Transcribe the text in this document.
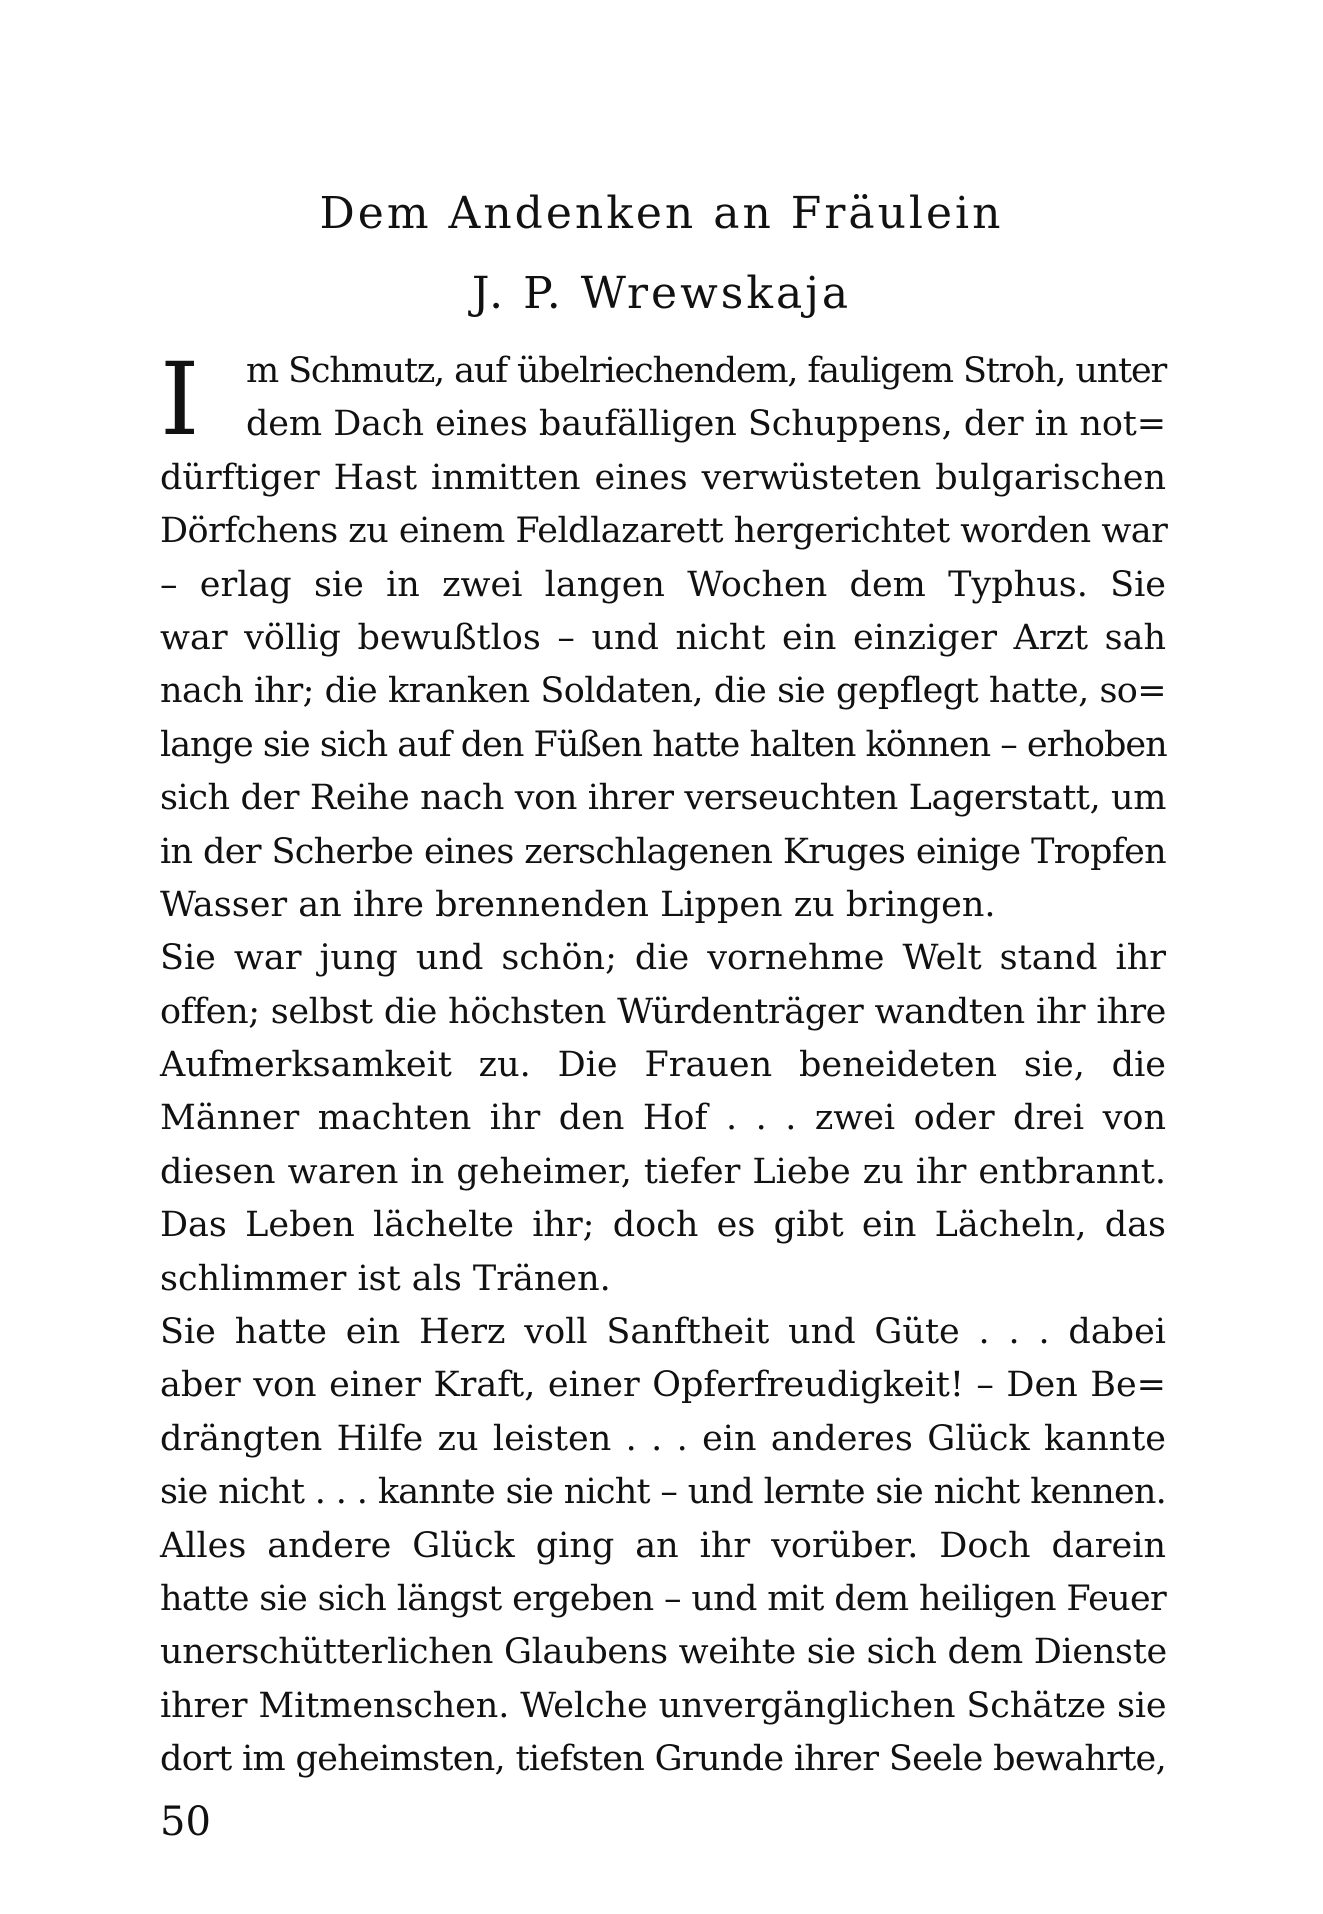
Dem Andenken an Fräulein
J. P. Wrewskaja
I	m Schmutz, auf übelriechendem, fauligem Stroh, unter
dem Dach eines baufälligen Schuppens, der in not=
dürftiger Hast inmitten eines verwüsteten bulgarischen
Dörfchens zu einem Feldlazarett hergerichtet worden war
– erlag sie in zwei langen Wochen dem Typhus. Sie
war völlig bewußtlos – und nicht ein einziger Arzt sah
nach ihr; die kranken Soldaten, die sie gepflegt hatte, so=
lange sie sich auf den Füßen hatte halten können – erhoben
sich der Reihe nach von ihrer verseuchten Lagerstatt, um
in der Scherbe eines zerschlagenen Kruges einige Tropfen
Wasser an ihre brennenden Lippen zu bringen.
Sie war jung und schön; die vornehme Welt stand ihr
offen; selbst die höchsten Würdenträger wandten ihr ihre
Aufmerksamkeit zu. Die Frauen beneideten sie, die
Männer machten ihr den Hof . . . zwei oder drei von
diesen waren in geheimer, tiefer Liebe zu ihr entbrannt.
Das Leben lächelte ihr; doch es gibt ein Lächeln, das
schlimmer ist als Tränen.
Sie hatte ein Herz voll Sanftheit und Güte . . . dabei
aber von einer Kraft, einer Opferfreudigkeit! – Den Be=
drängten Hilfe zu leisten . . . ein anderes Glück kannte
sie nicht . . . kannte sie nicht – und lernte sie nicht kennen.
Alles andere Glück ging an ihr vorüber. Doch darein
hatte sie sich längst ergeben – und mit dem heiligen Feuer
unerschütterlichen Glaubens weihte sie sich dem Dienste
ihrer Mitmenschen. Welche unvergänglichen Schätze sie
dort im geheimsten, tiefsten Grunde ihrer Seele bewahrte,
50
